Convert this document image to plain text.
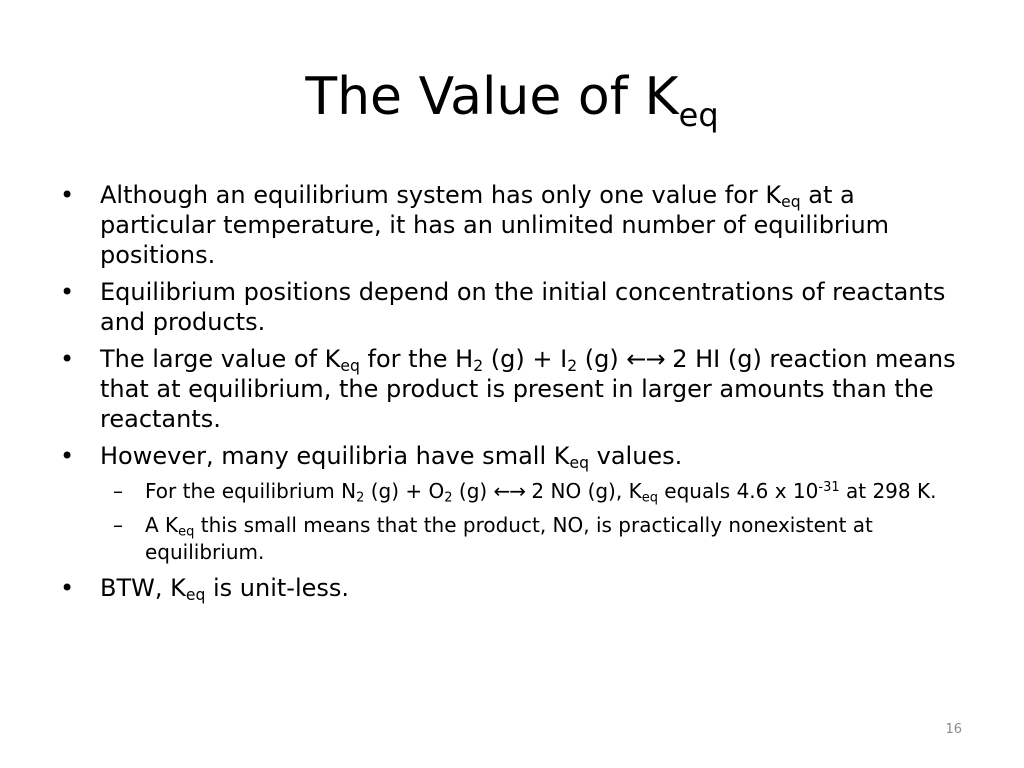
The Value of $K_{eq}$
• Although an equilibrium system has only one value for $K_{eq}$ at a particular temperature, it has an unlimited number of equilibrium positions.
• Equilibrium positions depend on the initial concentrations of reactants and products.
• The large value of $K_{eq}$ for the $H_2$ $(g) + I_2$ (g) ←→ 2 HI (g) reaction means that at equilibrium, the product is present in larger amounts than the reactants.
• However, many equilibria have small $K_{eq}$ values.
– For the equilibrium $N_2$ $(g) + O_2$ (g) ←→ 2 NO (g), $K_{eq}$ equals 4.6 x $10^{-31}$ at 298 K.
– A $K_{eq}$ this small means that the product, NO, is practically nonexistent at equilibrium.
• BTW, $K_{eq}$ is unit-less.
16
